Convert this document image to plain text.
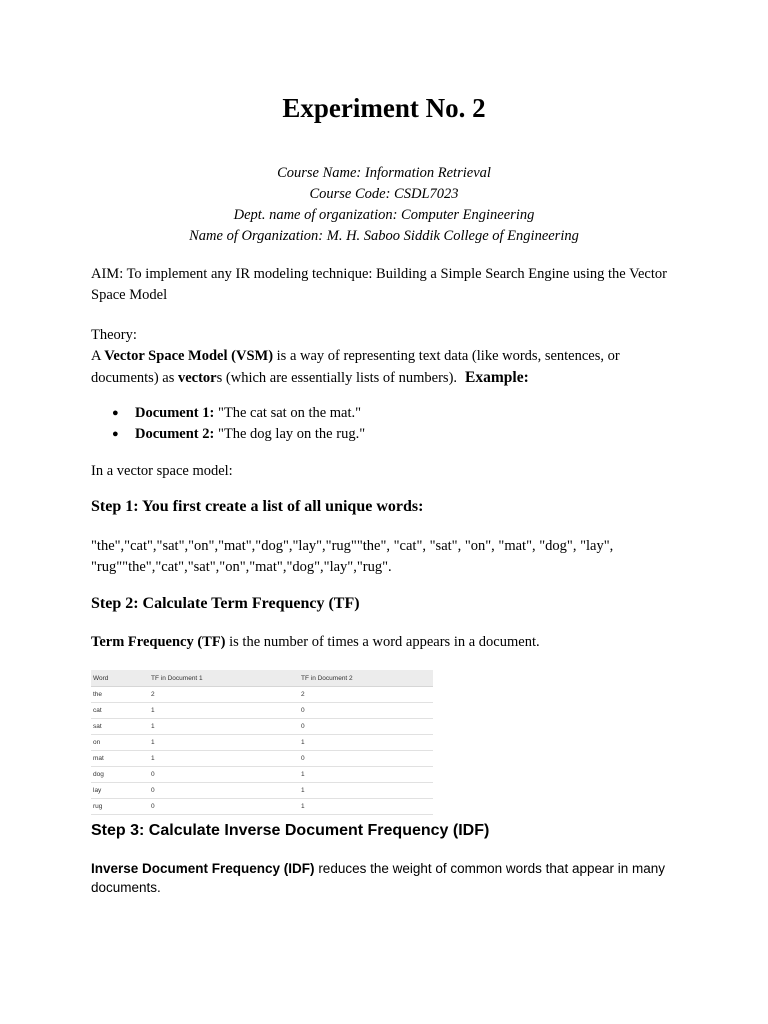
Experiment No. 2
Course Name: Information Retrieval
Course Code: CSDL7023
Dept. name of organization: Computer Engineering
Name of Organization: M. H. Saboo Siddik College of Engineering

AIM: To implement any IR modeling technique: Building a Simple Search Engine using the Vector Space Model

Theory:

A Vector Space Model (VSM) is a way of representing text data (like words, sentences, or documents) as vectors (which are essentially lists of numbers). Example:

● Document 1: "The cat sat on the mat."
● Document 2: "The dog lay on the rug."

In a vector space model:

Step 1: You first create a list of all unique words:

"the","cat","sat","on","mat","dog","lay","rug""the", "cat", "sat", "on", "mat", "dog", "lay", "rug""the","cat","sat","on","mat","dog","lay","rug".

Step 2: Calculate Term Frequency (TF)

Term Frequency (TF) is the number of times a word appears in a document.

Word	TF in Document 1	TF in Document 2
the	2	2
cat	1	0
sat	1	0
on	1	1
mat	1	0
dog	0	1
lay	0	1
rug	0	1
Step 3: Calculate Inverse Document Frequency (IDF)

Inverse Document Frequency (IDF) reduces the weight of common words that appear in many documents.
